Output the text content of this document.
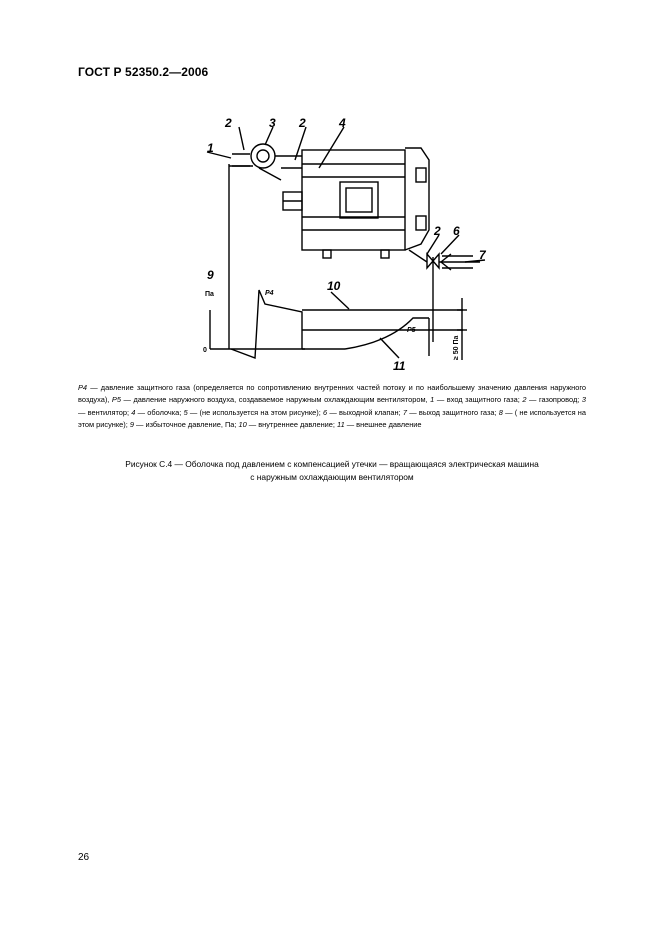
ГОСТ Р 52350.2—2006
1
2	3 2	4
2 6
7
9
10
11
Па
0
P4
P5
≥ 50 Па

P4 — давление защитного газа (определяется по сопротивлению внутренних частей потоку и по наибольшему значению давления наружного воздуха), P5 — давление наружного воздуха, создаваемое наружным охлаждающим вентилятором, 1 — вход защитного газа; 2 — газопровод; 3 — вентилятор; 4 — оболочка; 5 — (не используется на этом рисунке); 6 — выходной клапан; 7 — выход защитного газа; 8 — ( не используется на этом рисунке); 9 — избыточное давление, Па; 10 — внутреннее давление; 11 — внешнее давление

Рисунок С.4 — Оболочка под давлением с компенсацией утечки — вращающаяся электрическая машина

с наружным охлаждающим вентилятором

26
